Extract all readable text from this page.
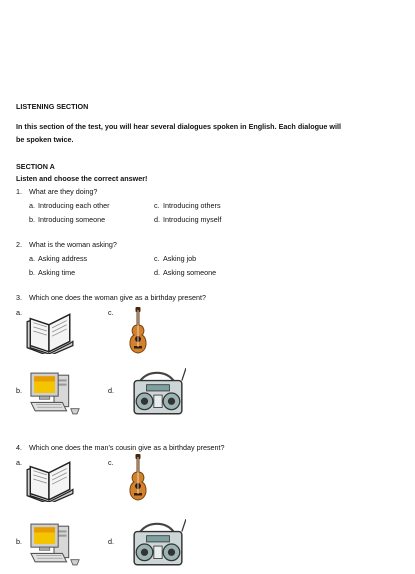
LISTENING SECTION
In this section of the test, you will hear several dialogues spoken in English. Each dialogue will be spoken twice.
SECTION A
Listen and choose the correct answer!
1. What are they doing?
a. Introducing each other
b. Introducing someone
c. Introducing others
d. Introducing myself
2. What is the woman asking?
a. Asking address
b. Asking time
c. Asking job
d. Asking someone
3. Which one does the woman give as a birthday present?
a.	c.
b.	d.
4. Which one does the man's cousin give as a birthday present?
a.	c.
b.	d.
